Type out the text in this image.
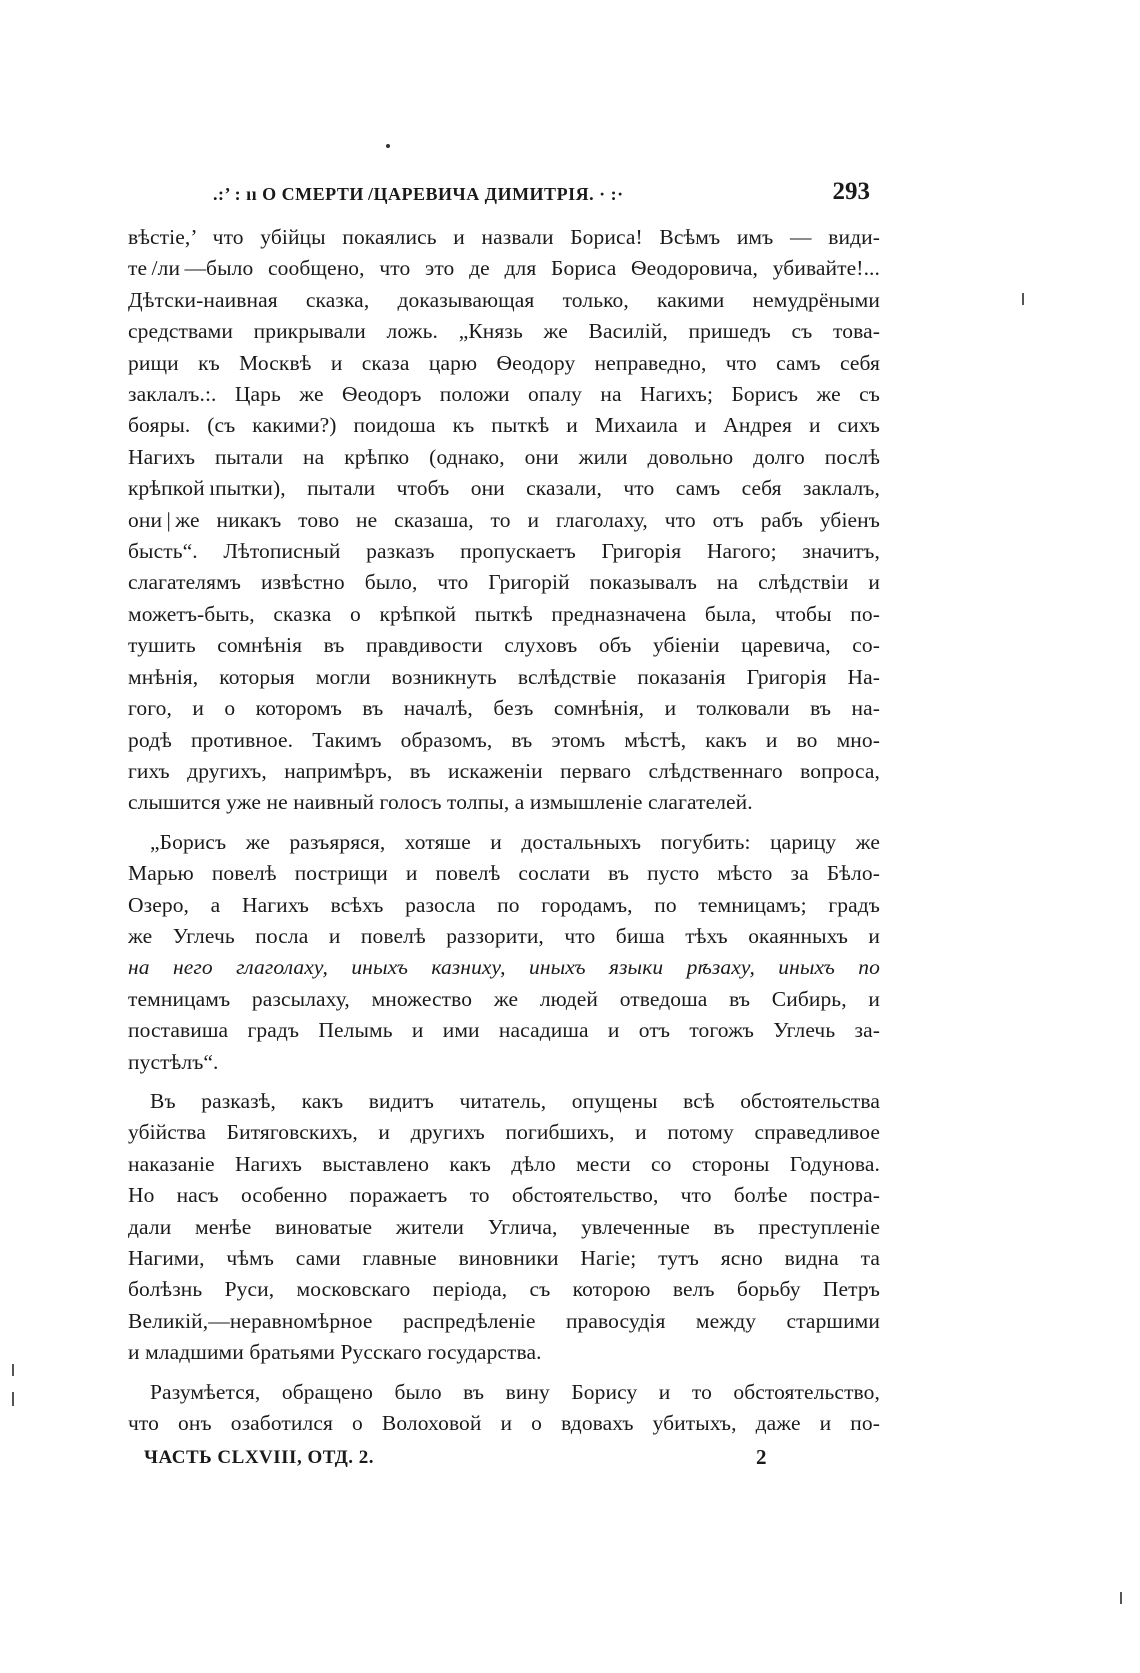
.:’ : ıı О СМЕРТИ /ЦАРЕВИЧА ДИМИТРІЯ. · :·	293
вѣстіе,’ что убійцы покаялись и назвали Бориса! Всѣмъ имъ — види-
те /ли —было сообщено, что это де для Бориса Ѳеодоровича, убивайте!...
Дѣтски-наивная сказка, доказывающая только, какими немудрёными
средствами прикрывали ложь. „Князь же Василій, пришедъ съ това-
рищи къ Москвѣ и сказа царю Ѳеодору неправедно, что самъ себя
заклалъ.:. Царь же Ѳеодоръ положи опалу на Нагихъ; Борисъ же съ
бояры. (съ какими?) поидоша къ пыткѣ и Михаила и Андрея и сихъ
Нагихъ пытали на крѣпко (однако, они жили довольно долго послѣ
крѣпкой ıпытки), пытали чтобъ они сказали, что самъ себя заклалъ,
они | же никакъ тово не сказаша, то и глаголаху, что отъ рабъ убіенъ
бысть“. Лѣтописный разказъ пропускаетъ Григорія Нагого; значитъ,
слагателямъ извѣстно было, что Григорій показывалъ на слѣдствіи и
можетъ-быть, сказка о крѣпкой пыткѣ предназначена была, чтобы по-
тушить сомнѣнія въ правдивости слуховъ объ убіеніи царевича, со-
мнѣнія, которыя могли возникнуть вслѣдствіе показанія Григорія На-
гого, и о которомъ въ началѣ, безъ сомнѣнія, и толковали въ на-
родѣ противное. Такимъ образомъ, въ этомъ мѣстѣ, какъ и во мно-
гихъ другихъ, напримѣръ, въ искаженіи перваго слѣдственнаго вопроса,
слышится уже не наивный голосъ толпы, а измышленіе слагателей.
„Борисъ же разъяряся, хотяше и достальныхъ погубить: царицу же
Марью повелѣ пострищи и повелѣ сослати въ пусто мѣсто за Бѣло-
Озеро, а Нагихъ всѣхъ разосла по городамъ, по темницамъ; градъ
же Углечь посла и повелѣ раззорити, что биша тѣхъ окаянныхъ и
на него глаголаху, иныхъ казниху, иныхъ языки рѣзаху, иныхъ по
темницамъ разсылаху, множество же людей отведоша въ Сибирь, и
поставиша градъ Пелымь и ими насадиша и отъ тогожъ Углечь за-
пустѣлъ“.
Въ разказѣ, какъ видитъ читатель, опущены всѣ обстоятельства
убійства Битяговскихъ, и другихъ погибшихъ, и потому справедливое
наказаніе Нагихъ выставлено какъ дѣло мести со стороны Годунова.
Но насъ особенно поражаетъ то обстоятельство, что болѣе постра-
дали менѣе виноватые жители Углича, увлеченные въ преступленіе
Нагими, чѣмъ сами главные виновники Нагіе; тутъ ясно видна та
болѣзнь Руси, московскаго періода, съ которою велъ борьбу Петръ
Великій,—неравномѣрное распредѣленіе правосудія между старшими
и младшими братьями Русскаго государства.
Разумѣется, обращено было въ вину Борису и то обстоятельство,
что онъ озаботился о Волоховой и о вдовахъ убитыхъ, даже и по-
ЧАСТЬ CLXVIII, ОТД. 2.	2
